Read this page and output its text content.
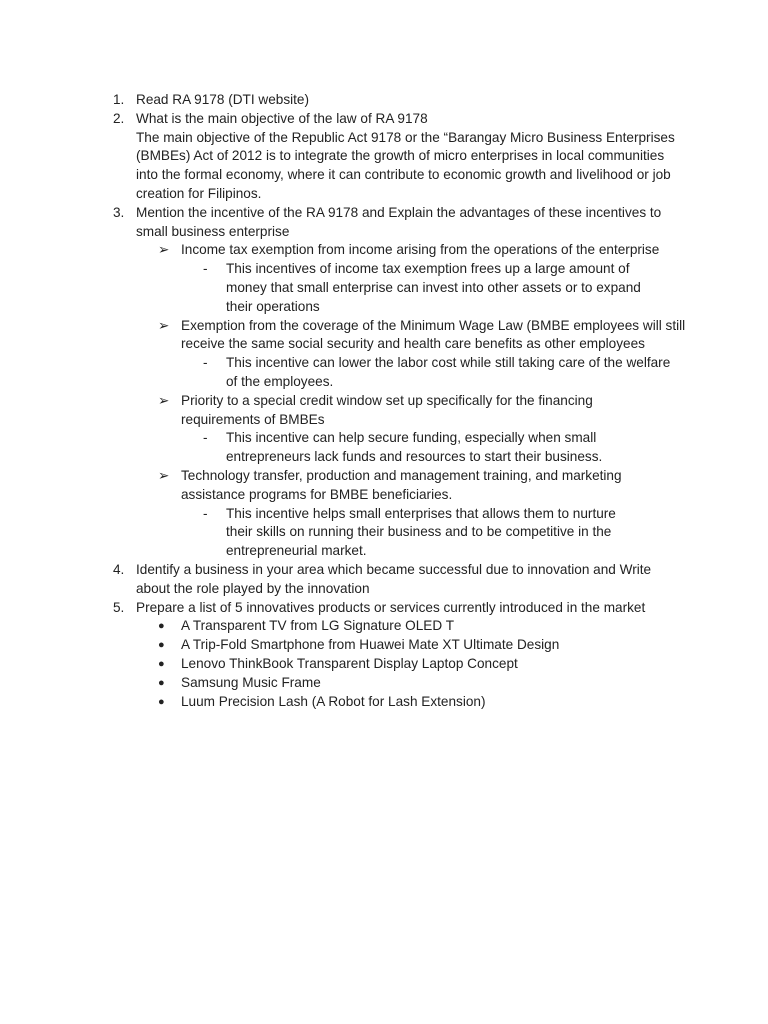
1. Read RA 9178 (DTI website)
2. What is the main objective of the law of RA 9178
The main objective of the Republic Act 9178 or the “Barangay Micro Business Enterprises (BMBEs) Act of 2012 is to integrate the growth of micro enterprises in local communities into the formal economy, where it can contribute to economic growth and livelihood or job creation for Filipinos.
3. Mention the incentive of the RA 9178 and Explain the advantages of these incentives to small business enterprise
➢ Income tax exemption from income arising from the operations of the enterprise
- This incentives of income tax exemption frees up a large amount of money that small enterprise can invest into other assets or to expand their operations
➢ Exemption from the coverage of the Minimum Wage Law (BMBE employees will still receive the same social security and health care benefits as other employees
- This incentive can lower the labor cost while still taking care of the welfare of the employees.
➢ Priority to a special credit window set up specifically for the financing requirements of BMBEs
- This incentive can help secure funding, especially when small entrepreneurs lack funds and resources to start their business.
➢ Technology transfer, production and management training, and marketing assistance programs for BMBE beneficiaries.
- This incentive helps small enterprises that allows them to nurture their skills on running their business and to be competitive in the entrepreneurial market.
4. Identify a business in your area which became successful due to innovation and Write about the role played by the innovation
5. Prepare a list of 5 innovatives products or services currently introduced in the market
● A Transparent TV from LG Signature OLED T
● A Trip-Fold Smartphone from Huawei Mate XT Ultimate Design
● Lenovo ThinkBook Transparent Display Laptop Concept
● Samsung Music Frame
● Luum Precision Lash (A Robot for Lash Extension)
